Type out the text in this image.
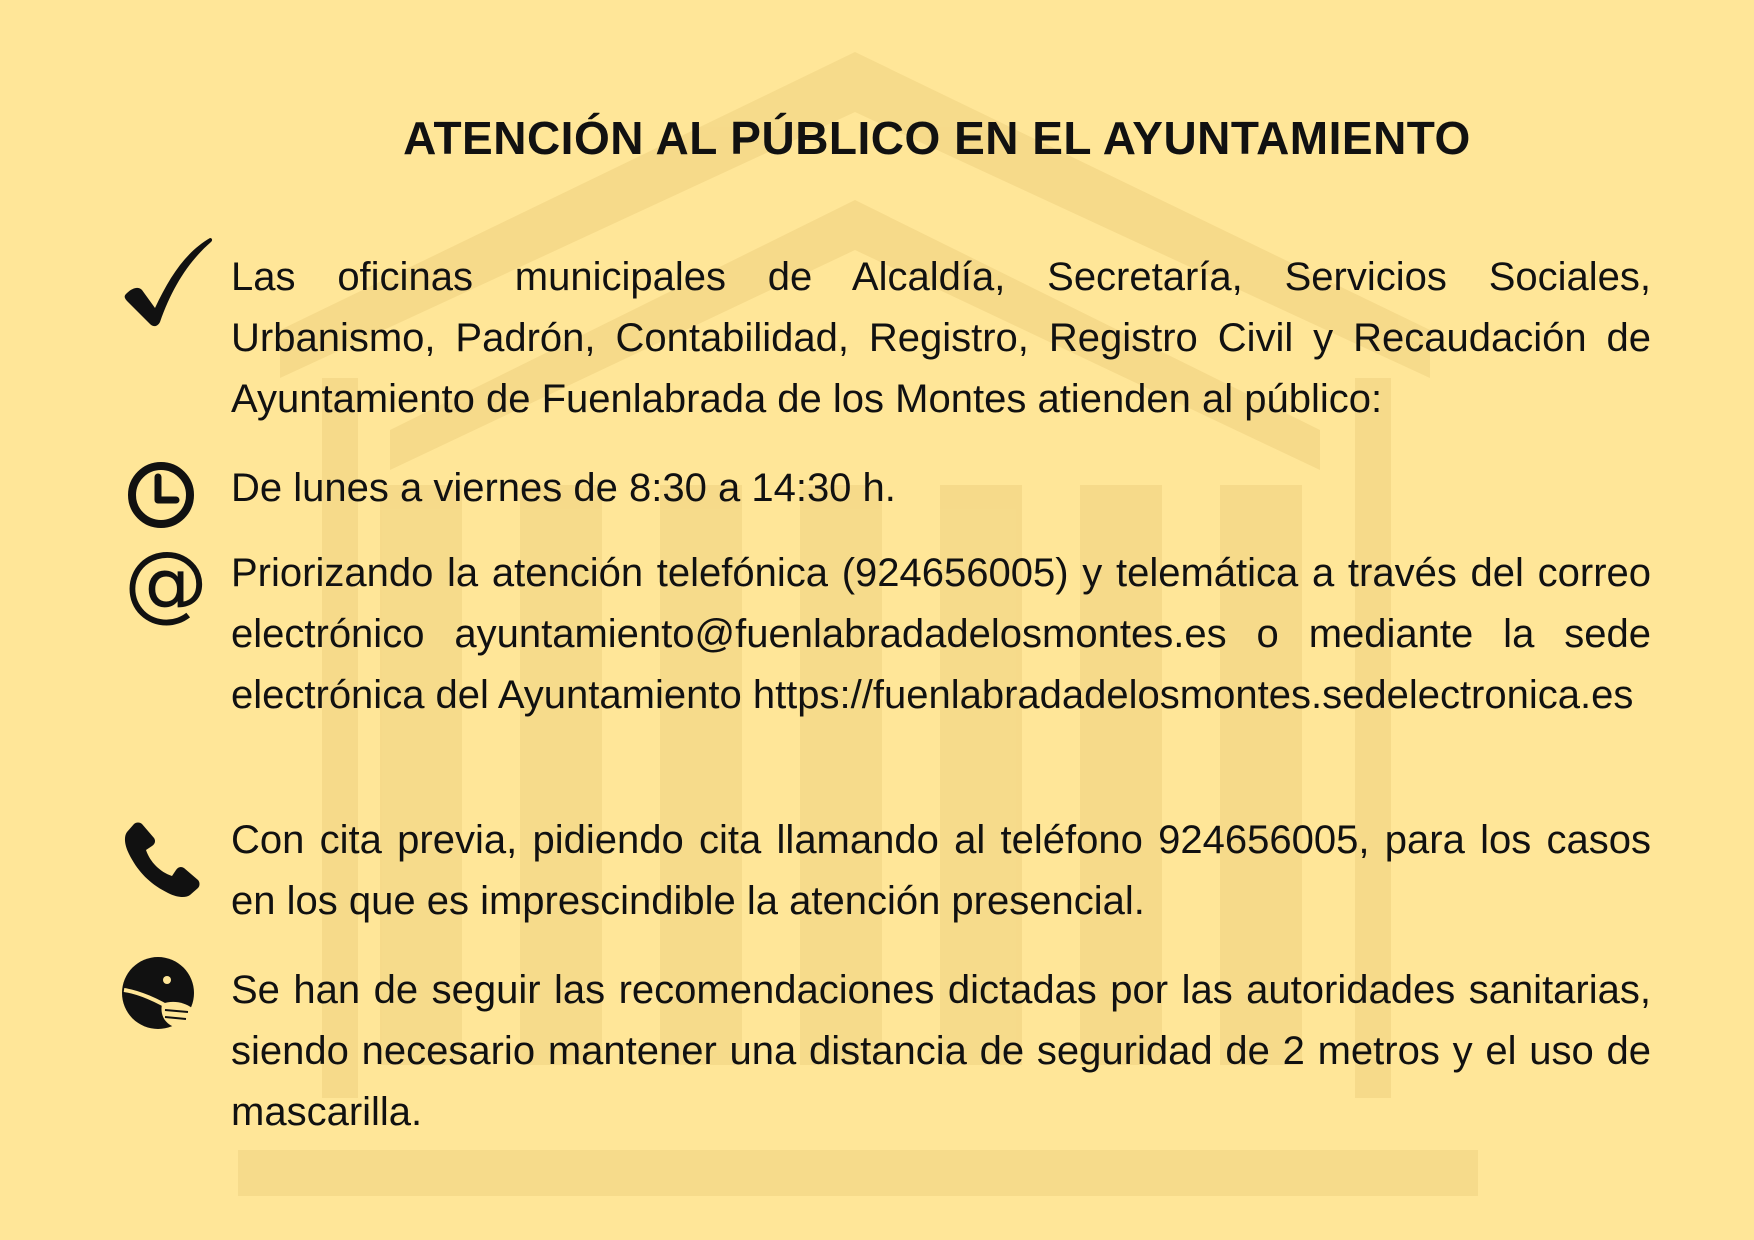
ATENCIÓN AL PÚBLICO EN EL AYUNTAMIENTO

Las oficinas municipales de Alcaldía, Secretaría, Servicios Sociales, Urbanismo, Padrón, Contabilidad, Registro, Registro Civil y Recaudación de Ayuntamiento de Fuenlabrada de los Montes atienden al público:

De lunes a viernes de 8:30 a 14:30 h.

@ Priorizando la atención telefónica (924656005) y telemática a través del correo electrónico ayuntamiento@fuenlabradadelosmontes.es o mediante la sede electrónica del Ayuntamiento https://fuenlabradadelosmontes.sedelectronica.es

Con cita previa, pidiendo cita llamando al teléfono 924656005, para los casos en los que es imprescindible la atención presencial.

Se han de seguir las recomendaciones dictadas por las autoridades sanitarias, siendo necesario mantener una distancia de seguridad de 2 metros y el uso de mascarilla.
